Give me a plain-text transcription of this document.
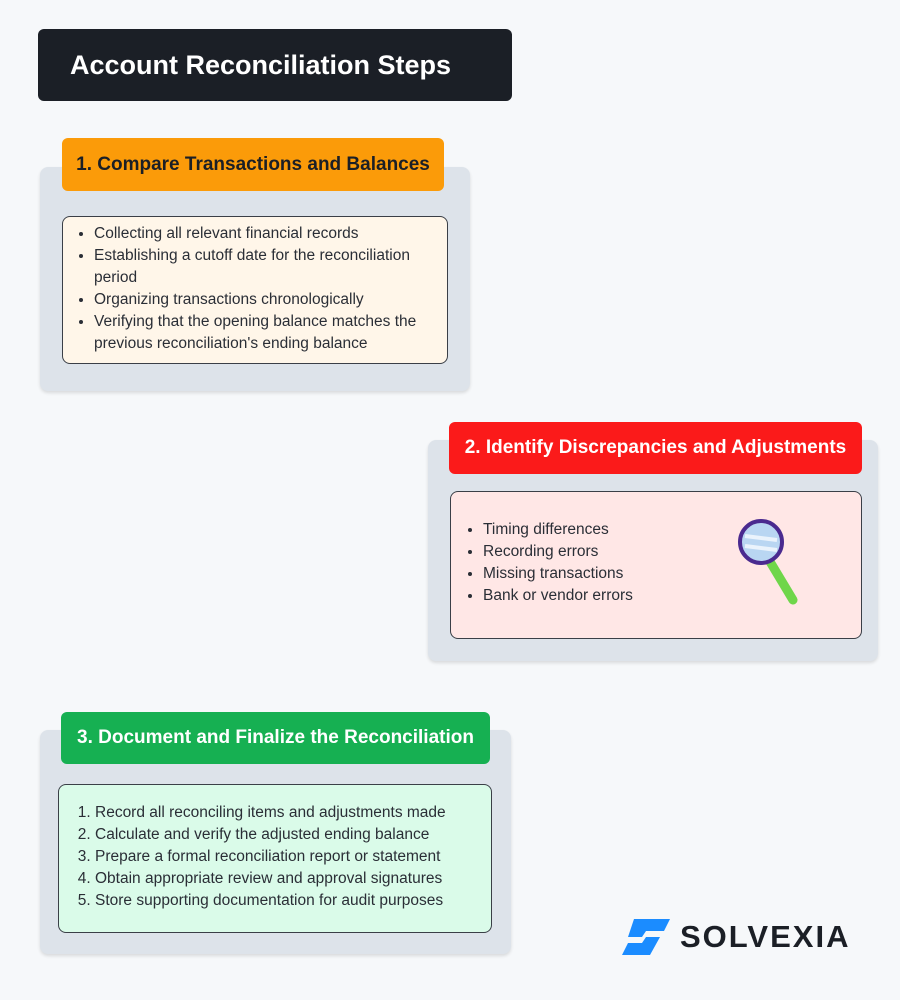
Account Reconciliation Steps
1. Compare Transactions and Balances
• Collecting all relevant financial records
• Establishing a cutoff date for the reconciliation period
• Organizing transactions chronologically
• Verifying that the opening balance matches the previous reconciliation's ending balance
2. Identify Discrepancies and Adjustments
• Timing differences
• Recording errors
• Missing transactions
• Bank or vendor errors
3. Document and Finalize the Reconciliation
1. Record all reconciling items and adjustments made
2. Calculate and verify the adjusted ending balance
3. Prepare a formal reconciliation report or statement
4. Obtain appropriate review and approval signatures
5. Store supporting documentation for audit purposes
SOLVEXIA
